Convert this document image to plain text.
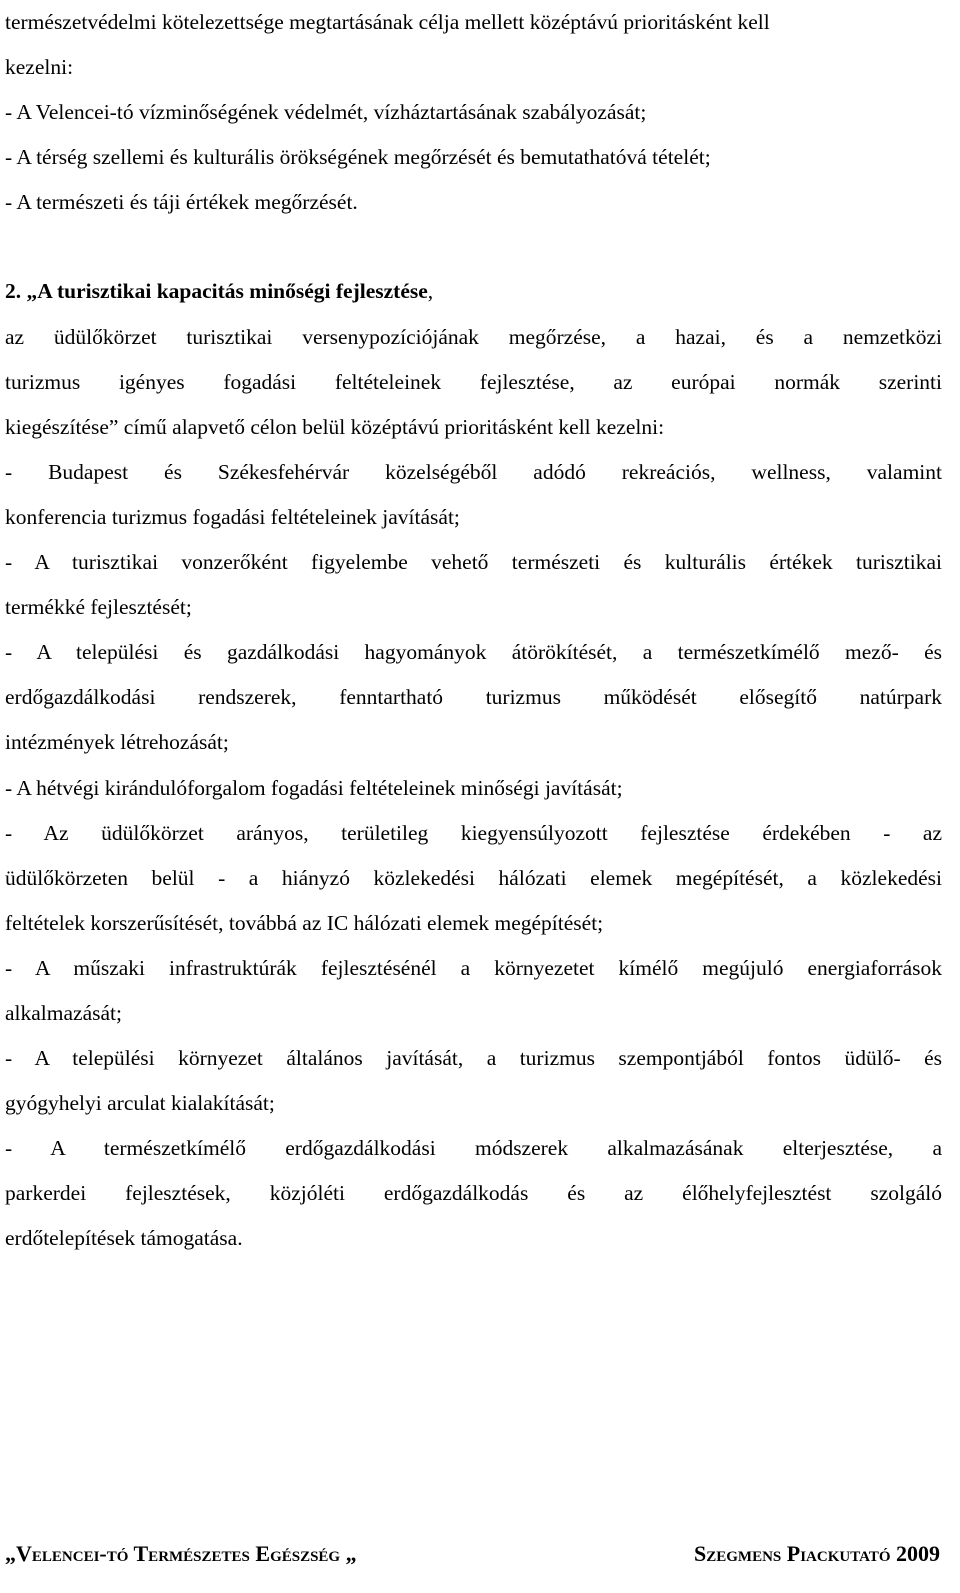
természetvédelmi kötelezettsége megtartásának célja mellett középtávú prioritásként kell
kezelni:
- A Velencei-tó vízminőségének védelmét, vízháztartásának szabályozását;
- A térség szellemi és kulturális örökségének megőrzését és bemutathatóvá tételét;
- A természeti és táji értékek megőrzését.
2. „A turisztikai kapacitás minőségi fejlesztése,
az üdülőkörzet turisztikai versenypozíciójának megőrzése, a hazai, és a nemzetközi
turizmus igényes fogadási feltételeinek fejlesztése, az európai normák szerinti
kiegészítése” című alapvető célon belül középtávú prioritásként kell kezelni:
- Budapest és Székesfehérvár közelségéből adódó rekreációs, wellness, valamint
konferencia turizmus fogadási feltételeinek javítását;
- A turisztikai vonzerőként figyelembe vehető természeti és kulturális értékek turisztikai
termékké fejlesztését;
- A települési és gazdálkodási hagyományok átörökítését, a természetkímélő mező- és
erdőgazdálkodási rendszerek, fenntartható turizmus működését elősegítő natúrpark
intézmények létrehozását;
- A hétvégi kirándulóforgalom fogadási feltételeinek minőségi javítását;
- Az üdülőkörzet arányos, területileg kiegyensúlyozott fejlesztése érdekében - az
üdülőkörzeten belül - a hiányzó közlekedési hálózati elemek megépítését, a közlekedési
feltételek korszerűsítését, továbbá az IC hálózati elemek megépítését;
- A műszaki infrastruktúrák fejlesztésénél a környezetet kímélő megújuló energiaforrások
alkalmazását;
- A települési környezet általános javítását, a turizmus szempontjából fontos üdülő- és
gyógyhelyi arculat kialakítását;
- A természetkímélő erdőgazdálkodási módszerek alkalmazásának elterjesztése, a
parkerdei fejlesztések, közjóléti erdőgazdálkodás és az élőhelyfejlesztést szolgáló
erdőtelepítések támogatása.
„Velencei-tó Természetes Egészség „	Szegmens Piackutató 2009
